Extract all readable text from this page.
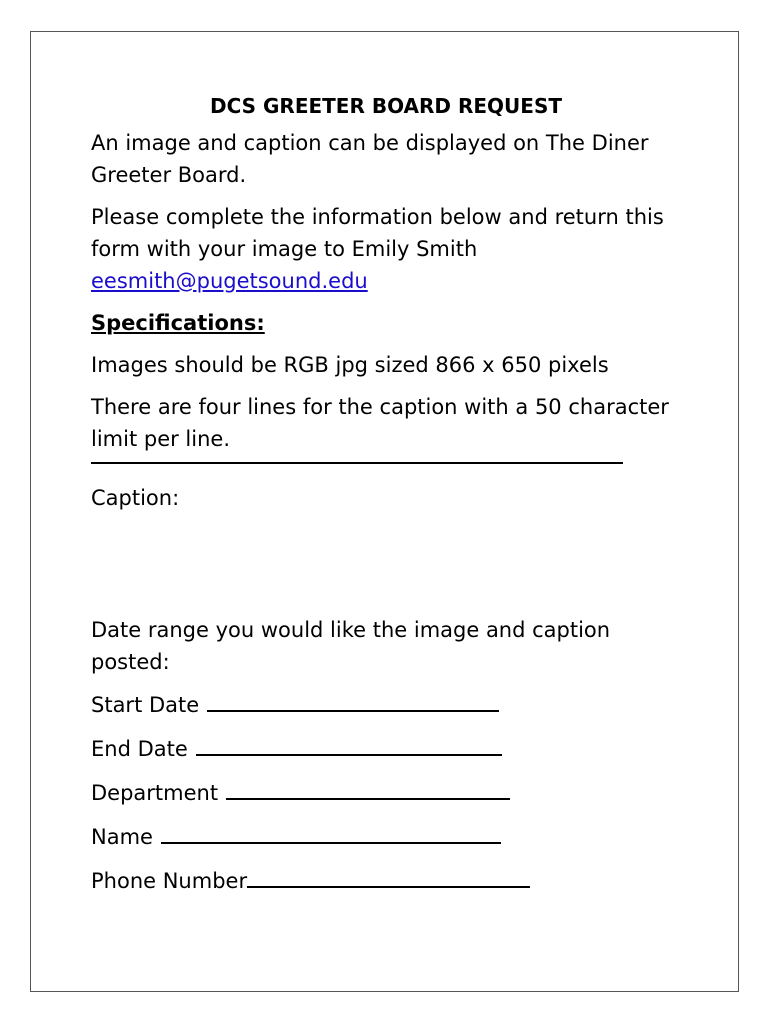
DCS GREETER BOARD REQUEST

An image and caption can be displayed on The Diner Greeter Board.

Please complete the information below and return this form with your image to Emily Smith
eesmith@pugetsound.edu

Specifications:

Images should be RGB jpg sized 866 x 650 pixels

There are four lines for the caption with a 50 character limit per line.

Caption:

Date range you would like the image and caption posted:

Start Date
End Date
Department
Name
Phone Number
